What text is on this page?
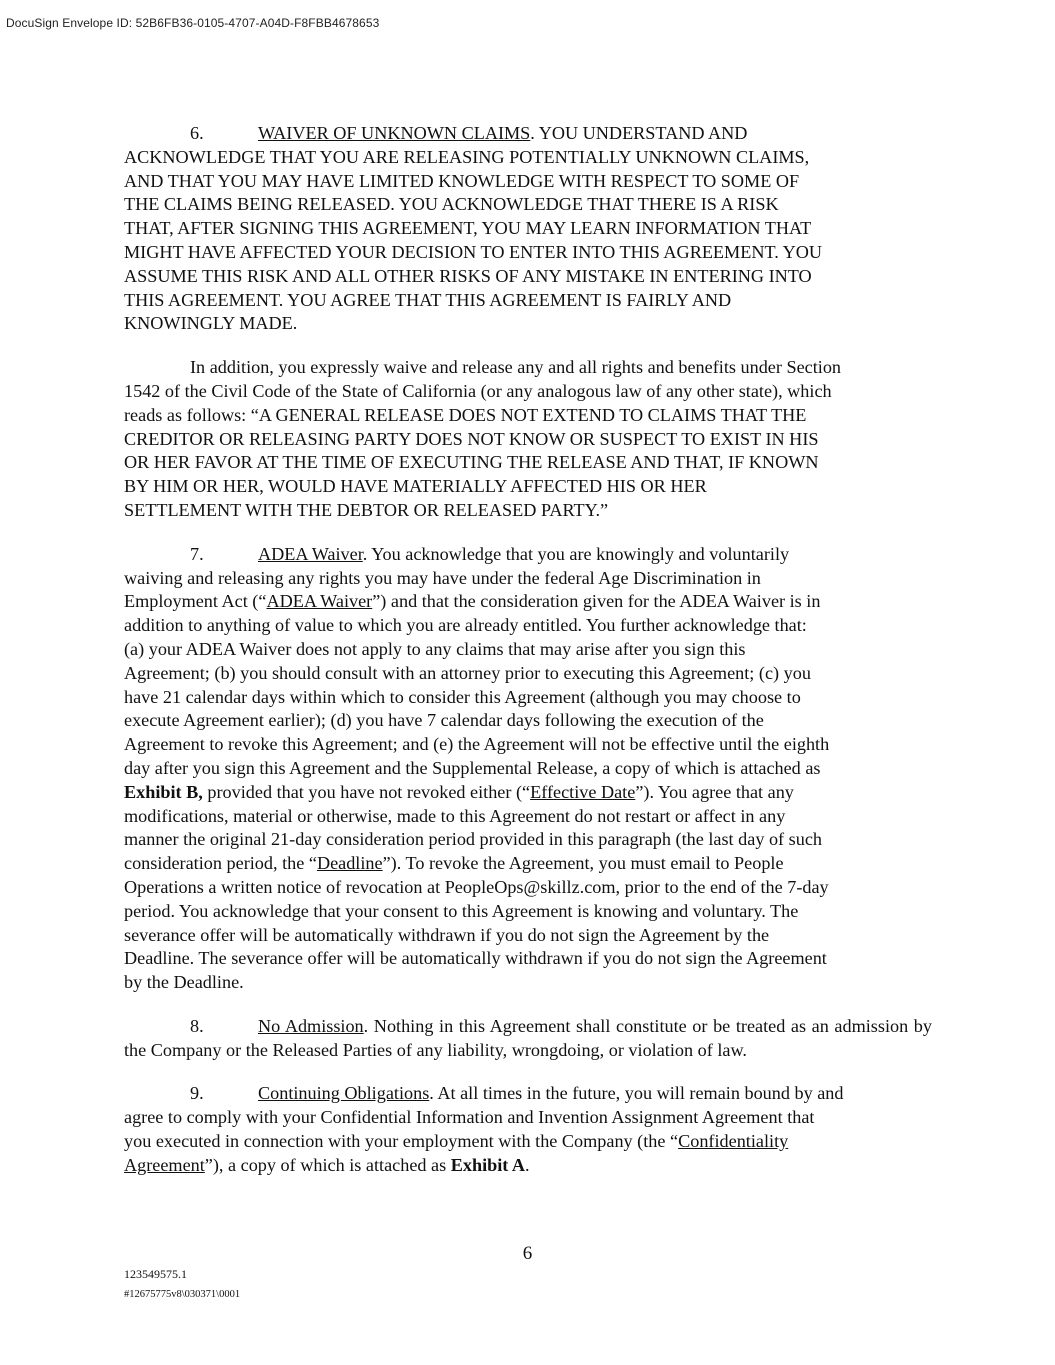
DocuSign Envelope ID: 52B6FB36-0105-4707-A04D-F8FBB4678653
6.	WAIVER OF UNKNOWN CLAIMS. YOU UNDERSTAND AND
ACKNOWLEDGE THAT YOU ARE RELEASING POTENTIALLY UNKNOWN CLAIMS,
AND THAT YOU MAY HAVE LIMITED KNOWLEDGE WITH RESPECT TO SOME OF
THE CLAIMS BEING RELEASED. YOU ACKNOWLEDGE THAT THERE IS A RISK
THAT, AFTER SIGNING THIS AGREEMENT, YOU MAY LEARN INFORMATION THAT
MIGHT HAVE AFFECTED YOUR DECISION TO ENTER INTO THIS AGREEMENT. YOU
ASSUME THIS RISK AND ALL OTHER RISKS OF ANY MISTAKE IN ENTERING INTO
THIS AGREEMENT. YOU AGREE THAT THIS AGREEMENT IS FAIRLY AND
KNOWINGLY MADE.
In addition, you expressly waive and release any and all rights and benefits under Section
1542 of the Civil Code of the State of California (or any analogous law of any other state), which
reads as follows: “A GENERAL RELEASE DOES NOT EXTEND TO CLAIMS THAT THE
CREDITOR OR RELEASING PARTY DOES NOT KNOW OR SUSPECT TO EXIST IN HIS
OR HER FAVOR AT THE TIME OF EXECUTING THE RELEASE AND THAT, IF KNOWN
BY HIM OR HER, WOULD HAVE MATERIALLY AFFECTED HIS OR HER
SETTLEMENT WITH THE DEBTOR OR RELEASED PARTY.”
7.	ADEA Waiver. You acknowledge that you are knowingly and voluntarily
waiving and releasing any rights you may have under the federal Age Discrimination in
Employment Act (“ADEA Waiver”) and that the consideration given for the ADEA Waiver is in
addition to anything of value to which you are already entitled. You further acknowledge that:
(a) your ADEA Waiver does not apply to any claims that may arise after you sign this
Agreement; (b) you should consult with an attorney prior to executing this Agreement; (c) you
have 21 calendar days within which to consider this Agreement (although you may choose to
execute Agreement earlier); (d) you have 7 calendar days following the execution of the
Agreement to revoke this Agreement; and (e) the Agreement will not be effective until the eighth
day after you sign this Agreement and the Supplemental Release, a copy of which is attached as
Exhibit B, provided that you have not revoked either (“Effective Date”). You agree that any
modifications, material or otherwise, made to this Agreement do not restart or affect in any
manner the original 21-day consideration period provided in this paragraph (the last day of such
consideration period, the “Deadline”). To revoke the Agreement, you must email to People
Operations a written notice of revocation at PeopleOps@skillz.com, prior to the end of the 7-day
period. You acknowledge that your consent to this Agreement is knowing and voluntary. The
severance offer will be automatically withdrawn if you do not sign the Agreement by the
Deadline. The severance offer will be automatically withdrawn if you do not sign the Agreement
by the Deadline.
8.	No Admission. Nothing in this Agreement shall constitute or be treated as an admission by the Company or the Released Parties of any liability, wrongdoing, or violation of law.
9.	Continuing Obligations. At all times in the future, you will remain bound by and
agree to comply with your Confidential Information and Invention Assignment Agreement that
you executed in connection with your employment with the Company (the “Confidentiality
Agreement”), a copy of which is attached as Exhibit A.
6
123549575.1
#12675775v8\030371\0001
